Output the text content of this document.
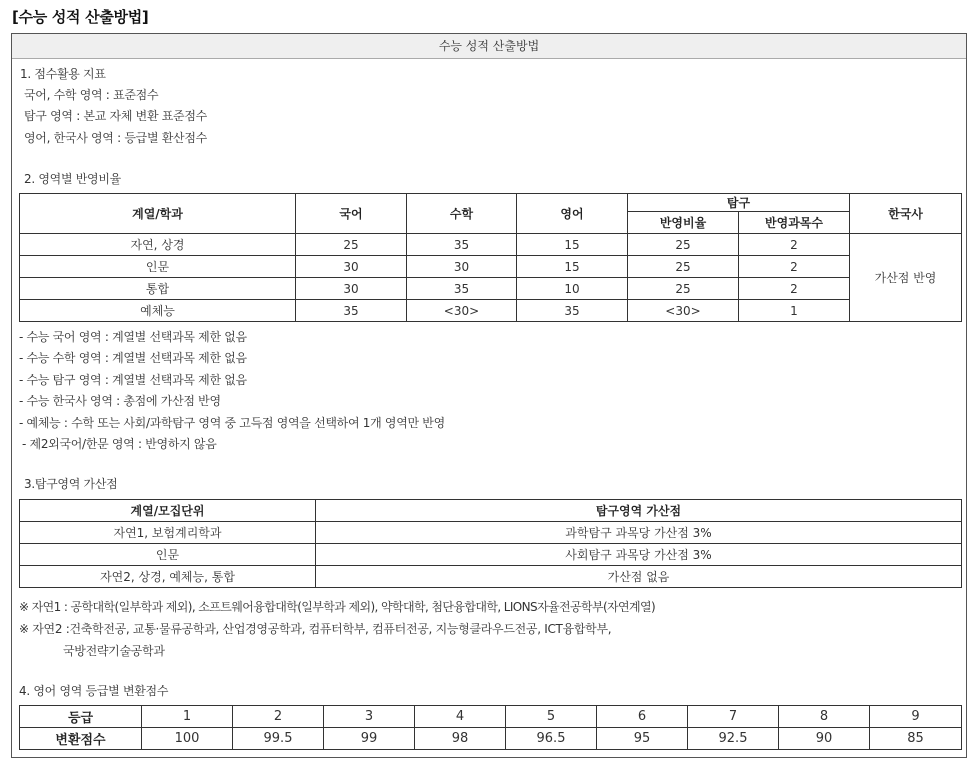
[수능 성적 산출방법]
수능 성적 산출방법
1. 점수활용 지표
국어, 수학 영역 : 표준점수
탐구 영역 : 본교 자체 변환 표준점수
영어, 한국사 영역 : 등급별 환산점수
2. 영역별 반영비율
계열/학과	국어	수학	영어	탐구		한국사
				반영비율	반영과목수	
자연, 상경	25	35	15	25	2	가산점 반영
인문	30	30	15	25	2	
통합	30	35	10	25	2	
예체능	35	<30>	35	<30>	1	
- 수능 국어 영역 : 계열별 선택과목 제한 없음
- 수능 수학 영역 : 계열별 선택과목 제한 없음
- 수능 탐구 영역 : 계열별 선택과목 제한 없음
- 수능 한국사 영역 : 총점에 가산점 반영
- 예체능 : 수학 또는 사회/과학탐구 영역 중 고득점 영역을 선택하여 1개 영역만 반영
- 제2외국어/한문 영역 : 반영하지 않음
3.탐구영역 가산점
계열/모집단위	탐구영역 가산점
자연1, 보험계리학과	과학탐구 과목당 가산점 3%
인문	사회탐구 과목당 가산점 3%
자연2, 상경, 예체능, 통합	가산점 없음
※ 자연1 : 공학대학(일부학과 제외), 소프트웨어융합대학(일부학과 제외), 약학대학, 첨단융합대학, LIONS자율전공학부(자연계열)
※ 자연2 :건축학전공, 교통·물류공학과, 산업경영공학과, 컴퓨터학부, 컴퓨터전공, 지능형클라우드전공, ICT융합학부,
국방전략기술공학과
4. 영어 영역 등급별 변환점수
등급	1	2	3	4	5	6	7	8	9
변환점수	100	99.5	99	98	96.5	95	92.5	90	85
